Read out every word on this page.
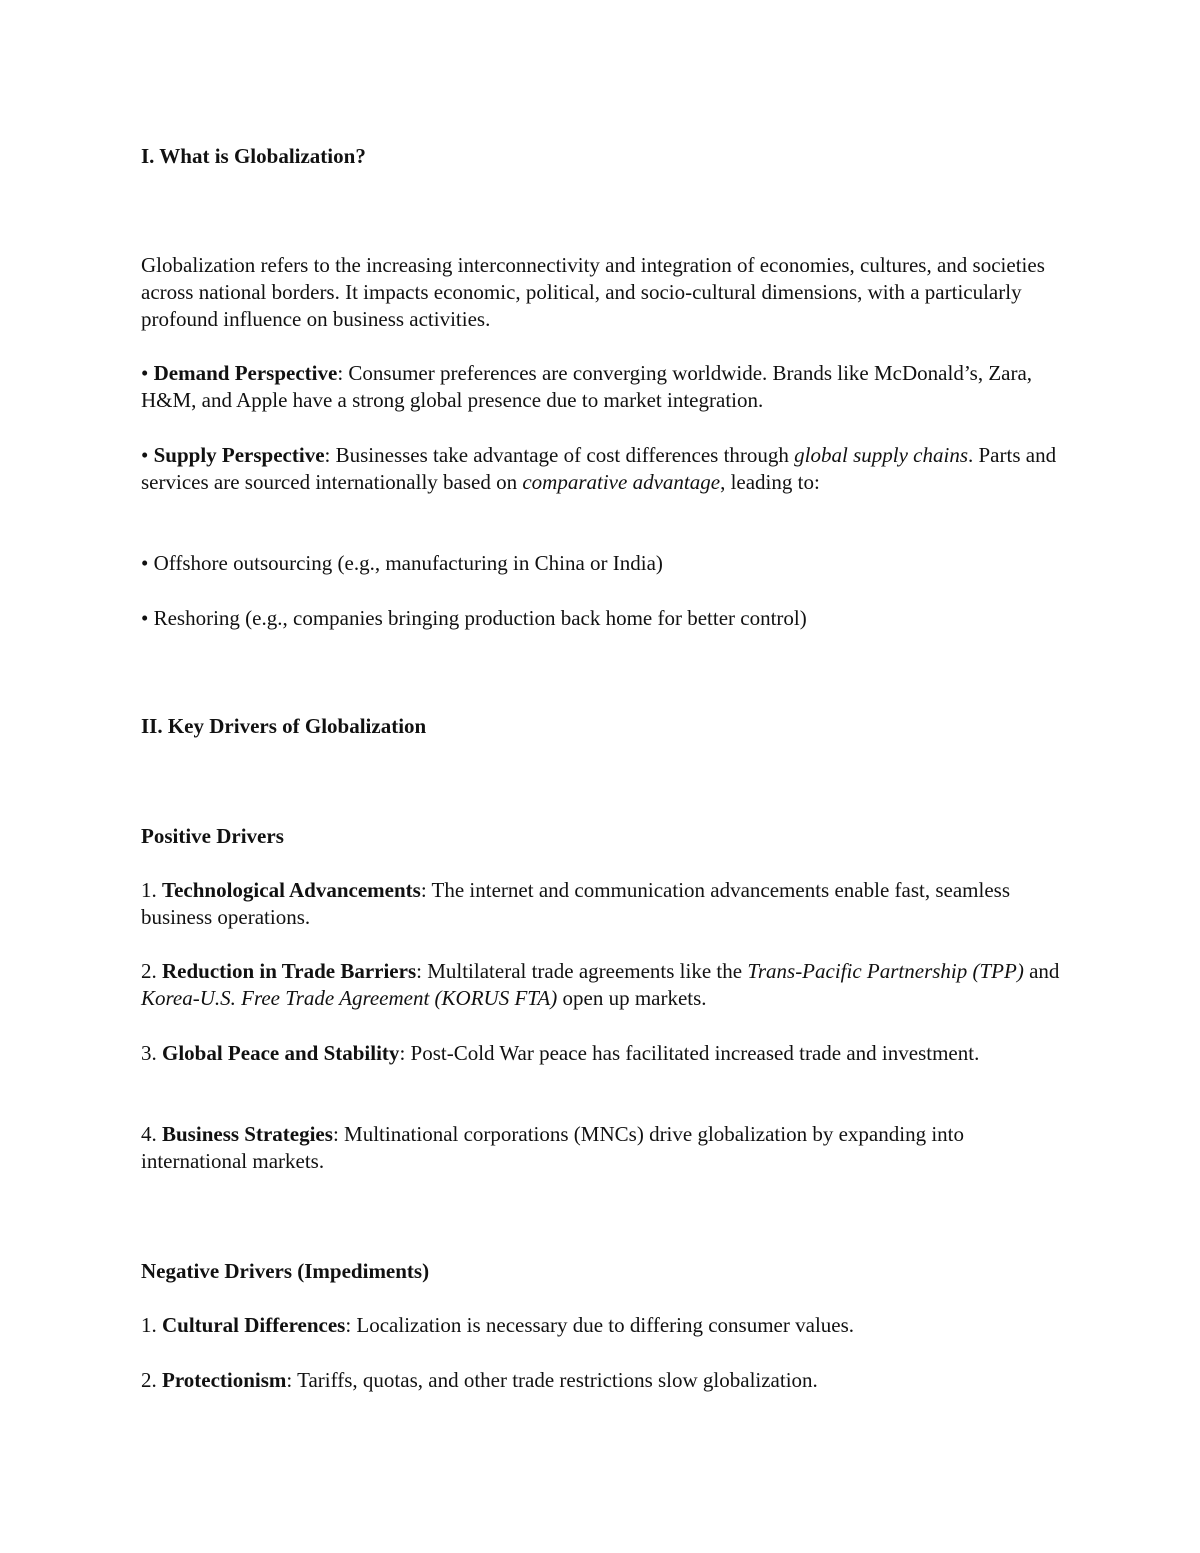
I. What is Globalization?

Globalization refers to the increasing interconnectivity and integration of economies, cultures, and societies across national borders. It impacts economic, political, and socio-cultural dimensions, with a particularly profound influence on business activities.

• Demand Perspective: Consumer preferences are converging worldwide. Brands like McDonald’s, Zara, H&M, and Apple have a strong global presence due to market integration.

• Supply Perspective: Businesses take advantage of cost differences through global supply chains. Parts and services are sourced internationally based on comparative advantage, leading to:

• Offshore outsourcing (e.g., manufacturing in China or India)

• Reshoring (e.g., companies bringing production back home for better control)

II. Key Drivers of Globalization

Positive Drivers

1. Technological Advancements: The internet and communication advancements enable fast, seamless business operations.

2. Reduction in Trade Barriers: Multilateral trade agreements like the Trans-Pacific Partnership (TPP) and Korea-U.S. Free Trade Agreement (KORUS FTA) open up markets.

3. Global Peace and Stability: Post-Cold War peace has facilitated increased trade and investment.

4. Business Strategies: Multinational corporations (MNCs) drive globalization by expanding into international markets.

Negative Drivers (Impediments)

1. Cultural Differences: Localization is necessary due to differing consumer values.

2. Protectionism: Tariffs, quotas, and other trade restrictions slow globalization.
